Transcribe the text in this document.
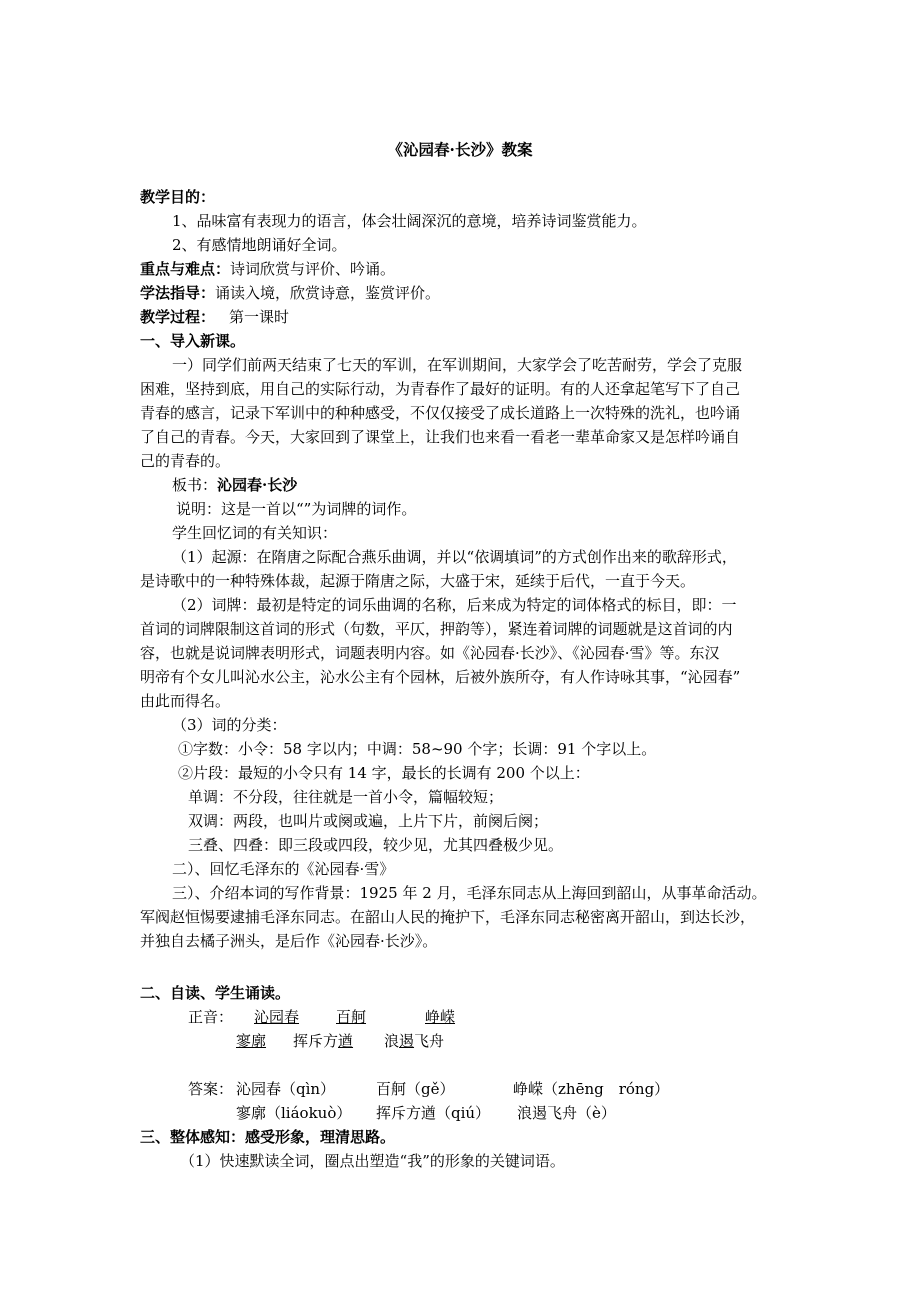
《沁园春·长沙》教案
教学目的：
1、品味富有表现力的语言，体会壮阔深沉的意境，培养诗词鉴赏能力。
2、有感情地朗诵好全词。
重点与难点：诗词欣赏与评价、吟诵。
学法指导：诵读入境，欣赏诗意，鉴赏评价。
教学过程： 第一课时
一、导入新课。
一）同学们前两天结束了七天的军训，在军训期间，大家学会了吃苦耐劳，学会了克服
困难，坚持到底，用自己的实际行动，为青春作了最好的证明。有的人还拿起笔写下了自己
青春的感言，记录下军训中的种种感受，不仅仅接受了成长道路上一次特殊的洗礼，也吟诵
了自己的青春。今天，大家回到了课堂上，让我们也来看一看老一辈革命家又是怎样吟诵自
己的青春的。
板书：沁园春·长沙
说明：这是一首以“”为词牌的词作。
学生回忆词的有关知识：
（1）起源：在隋唐之际配合燕乐曲调，并以“依调填词”的方式创作出来的歌辞形式，
是诗歌中的一种特殊体裁，起源于隋唐之际，大盛于宋，延续于后代，一直于今天。
（2）词牌：最初是特定的词乐曲调的名称，后来成为特定的词体格式的标目，即：一
首词的词牌限制这首词的形式（句数，平仄，押韵等），紧连着词牌的词题就是这首词的内
容，也就是说词牌表明形式，词题表明内容。如《沁园春·长沙》、《沁园春·雪》等。东汉
明帝有个女儿叫沁水公主，沁水公主有个园林，后被外族所夺，有人作诗咏其事，“沁园春”
由此而得名。
（3）词的分类：
①字数：小令：58 字以内；中调：58~90 个字；长调：91 个字以上。
②片段：最短的小令只有 14 字，最长的长调有 200 个以上：
单调：不分段，往往就是一首小令，篇幅较短；
双调：两段，也叫片或阕或遍，上片下片，前阕后阕；
三叠、四叠：即三段或四段，较少见，尤其四叠极少见。
二）、回忆毛泽东的《沁园春·雪》
三）、介绍本词的写作背景：1925 年 2 月，毛泽东同志从上海回到韶山，从事革命活动。
军阀赵恒惕要逮捕毛泽东同志。在韶山人民的掩护下，毛泽东同志秘密离开韶山，到达长沙，
并独自去橘子洲头，是后作《沁园春·长沙》。
二、自读、学生诵读。
正音：	沁园春 百舸	峥嵘
寥廓 挥斥方遒 浪遏飞舟
答案： 沁园春（qìn）	百舸（gě）	峥嵘（zhēng　róng）
寥廓（liáokuò） 挥斥方遒（qiú） 浪遏飞舟（è）
三、整体感知：感受形象，理清思路。
（1）快速默读全词，圈点出塑造“我”的形象的关键词语。
